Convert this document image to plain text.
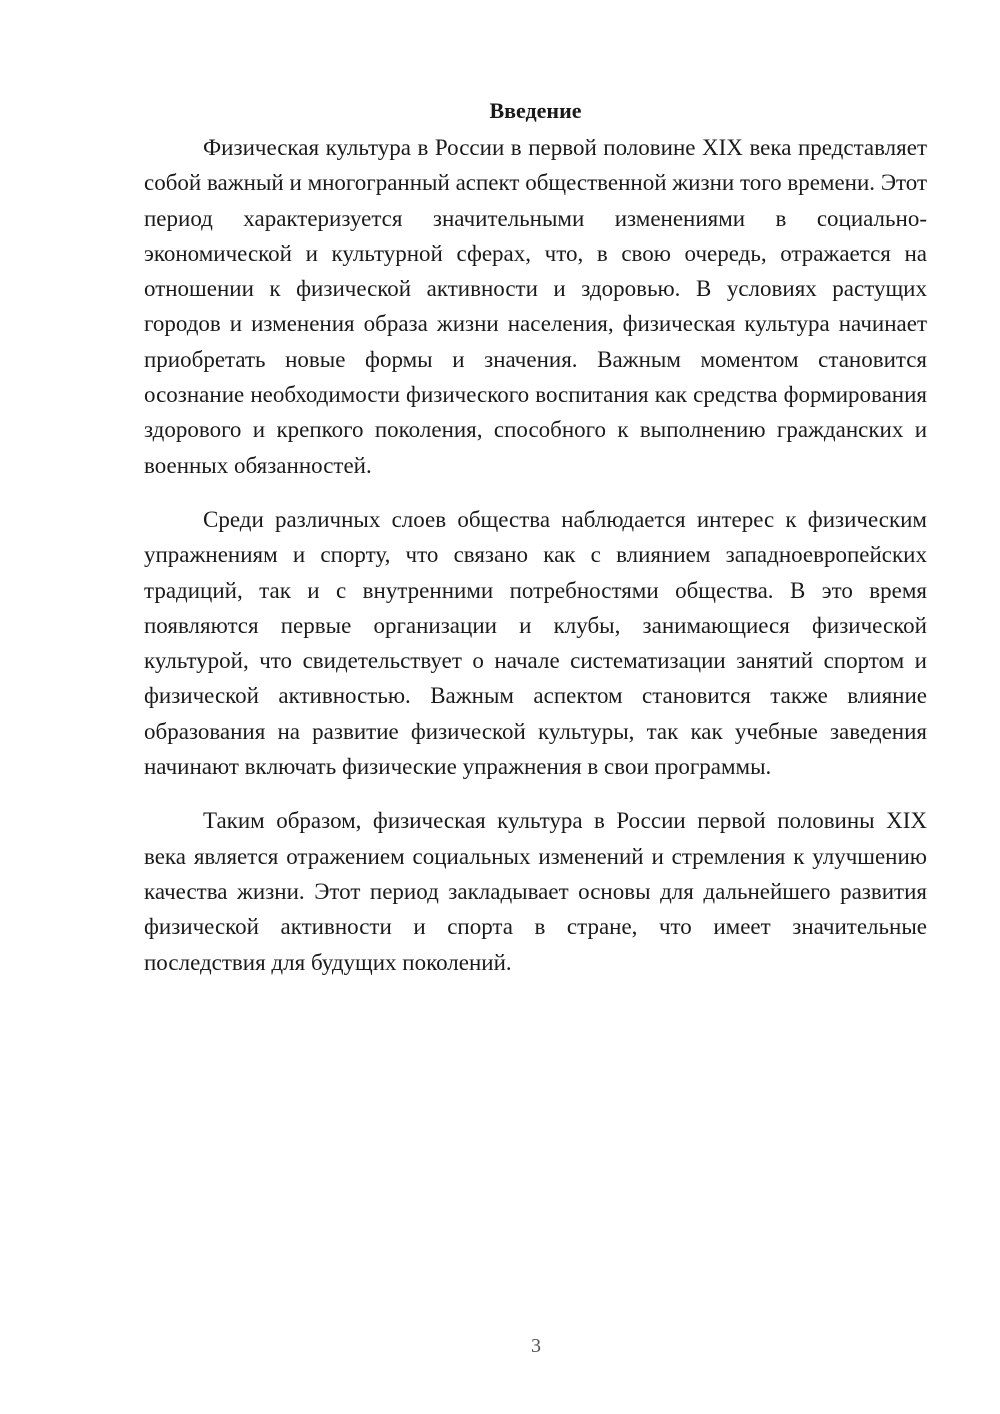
Введение

Физическая культура в России в первой половине XIX века представляет собой важный и многогранный аспект общественной жизни того времени. Этот период характеризуется значительными изменениями в социально-экономической и культурной сферах, что, в свою очередь, отражается на отношении к физической активности и здоровью. В условиях растущих городов и изменения образа жизни населения, физическая культура начинает приобретать новые формы и значения. Важным моментом становится осознание необходимости физического воспитания как средства формирования здорового и крепкого поколения, способного к выполнению гражданских и военных обязанностей.

Среди различных слоев общества наблюдается интерес к физическим упражнениям и спорту, что связано как с влиянием западноевропейских традиций, так и с внутренними потребностями общества. В это время появляются первые организации и клубы, занимающиеся физической культурой, что свидетельствует о начале систематизации занятий спортом и физической активностью. Важным аспектом становится также влияние образования на развитие физической культуры, так как учебные заведения начинают включать физические упражнения в свои программы.

Таким образом, физическая культура в России первой половины XIX века является отражением социальных изменений и стремления к улучшению качества жизни. Этот период закладывает основы для дальнейшего развития физической активности и спорта в стране, что имеет значительные последствия для будущих поколений.

3
